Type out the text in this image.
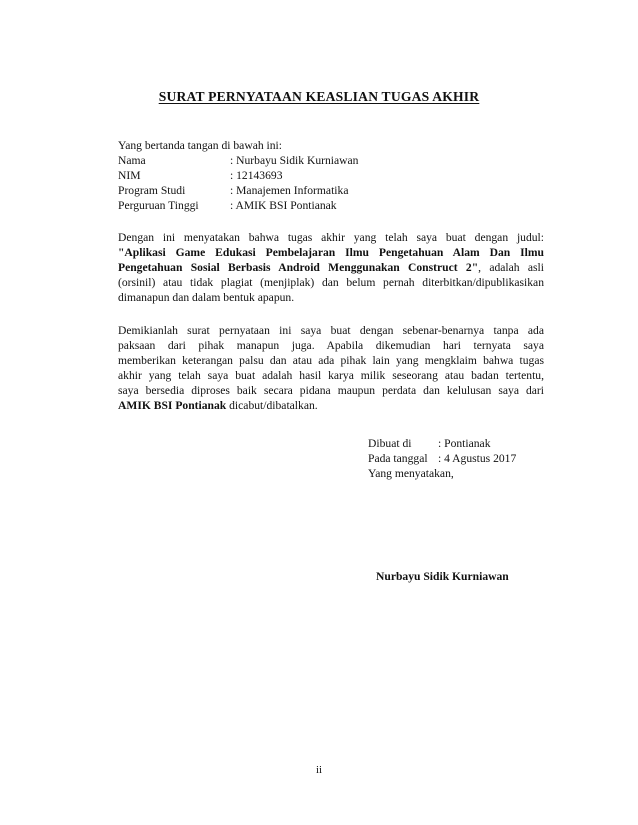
SURAT PERNYATAAN KEASLIAN TUGAS AKHIR
Yang bertanda tangan di bawah ini:
Nama	: Nurbayu Sidik Kurniawan
NIM	: 12143693
Program Studi	: Manajemen Informatika
Perguruan Tinggi	: AMIK BSI Pontianak
Dengan ini menyatakan bahwa tugas akhir yang telah saya buat dengan judul:
"Aplikasi Game Edukasi Pembelajaran Ilmu Pengetahuan Alam Dan Ilmu
Pengetahuan Sosial Berbasis Android Menggunakan Construct 2", adalah asli
(orsinil) atau tidak plagiat (menjiplak) dan belum pernah diterbitkan/dipublikasikan
dimanapun dan dalam bentuk apapun.
Demikianlah surat pernyataan ini saya buat dengan sebenar-benarnya tanpa ada
paksaan dari pihak manapun juga. Apabila dikemudian hari ternyata saya
memberikan keterangan palsu dan atau ada pihak lain yang mengklaim bahwa tugas
akhir yang telah saya buat adalah hasil karya milik seseorang atau badan tertentu,
saya bersedia diproses baik secara pidana maupun perdata dan kelulusan saya dari
AMIK BSI Pontianak dicabut/dibatalkan.
Dibuat di : Pontianak
Pada tanggal : 4 Agustus 2017
Yang menyatakan,
Nurbayu Sidik Kurniawan
ii
